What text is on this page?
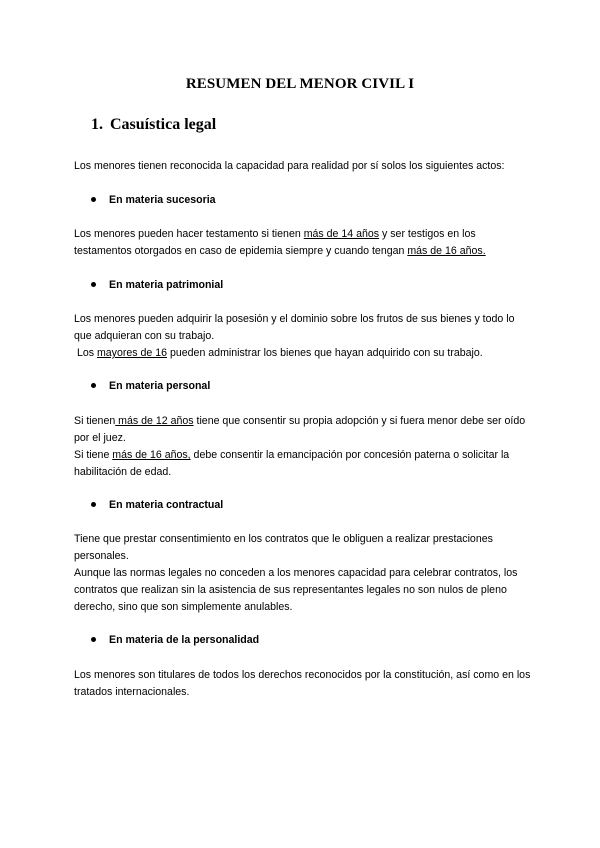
RESUMEN DEL MENOR CIVIL I
1. Casuística legal
Los menores tienen reconocida la capacidad para realidad por sí solos los siguientes actos:
En materia sucesoria
Los menores pueden hacer testamento si tienen más de 14 años y ser testigos en los testamentos otorgados en caso de epidemia siempre y cuando tengan más de 16 años.
En materia patrimonial
Los menores pueden adquirir la posesión y el dominio sobre los frutos de sus bienes y todo lo que adquieran con su trabajo.
Los mayores de 16 pueden administrar los bienes que hayan adquirido con su trabajo.
En materia personal
Si tienen más de 12 años tiene que consentir su propia adopción y si fuera menor debe ser oído por el juez.
Si tiene más de 16 años, debe consentir la emancipación por concesión paterna o solicitar la habilitación de edad.
En materia contractual
Tiene que prestar consentimiento en los contratos que le obliguen a realizar prestaciones personales.
Aunque las normas legales no conceden a los menores capacidad para celebrar contratos, los contratos que realizan sin la asistencia de sus representantes legales no son nulos de pleno derecho, sino que son simplemente anulables.
En materia de la personalidad
Los menores son titulares de todos los derechos reconocidos por la constitución, así como en los tratados internacionales.
